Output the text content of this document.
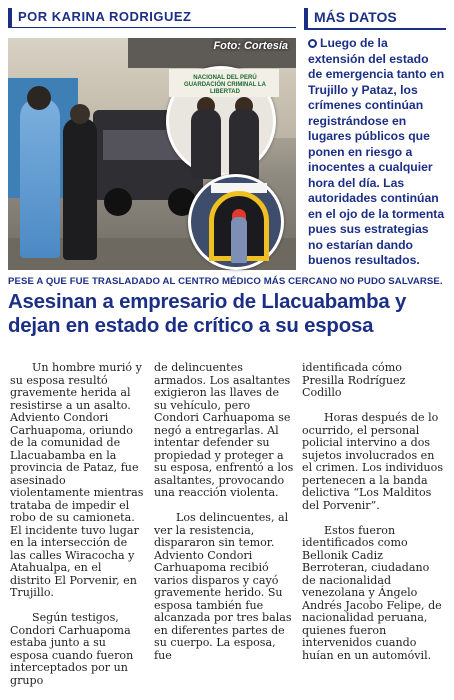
POR KARINA RODRIGUEZ
Foto: Cortesía
NACIONAL DEL PERÚ GUARDACIÓN CRIMINAL LA LIBERTAD
MÁS DATOS
Luego de la extensión del estado de emergencia tanto en Trujillo y Pataz, los crímenes continúan registrándose en lugares públicos que ponen en riesgo a inocentes a cualquier hora del día. Las autoridades continúan en el ojo de la tormenta pues sus estrategias no estarían dando buenos resultados.
PESE A QUE FUE TRASLADADO AL CENTRO MÉDICO MÁS CERCANO NO PUDO SALVARSE.
Asesinan a empresario de Llacuabamba y dejan en estado de crítico a su esposa

Un hombre murió y su esposa resultó gravemente herida al resistirse a un asalto. Adviento Condori Carhuapoma, oriundo de la comunidad de Llacuabamba en la provincia de Pataz, fue asesinado violentamente mientras trataba de impedir el robo de su camioneta. El incidente tuvo lugar en la intersección de las calles Wiracocha y Atahualpa, en el distrito El Porvenir, en Trujillo.

Según testigos, Condori Carhuapoma estaba junto a su esposa cuando fueron interceptados por un grupo

de delincuentes armados. Los asaltantes exigieron las llaves de su vehículo, pero Condori Carhuapoma se negó a entregarlas. Al intentar defender su propiedad y proteger a su esposa, enfrentó a los asaltantes, provocando una reacción violenta.

Los delincuentes, al ver la resistencia, dispararon sin temor. Adviento Condori Carhuapoma recibió varios disparos y cayó gravemente herido. Su esposa también fue alcanzada por tres balas en diferentes partes de su cuerpo. La esposa, fue

identificada cómo Presilla Rodríguez Codillo

Horas después de lo ocurrido, el personal policial intervino a dos sujetos involucrados en el crimen. Los individuos pertenecen a la banda delictiva “Los Malditos del Porvenir”.

Estos fueron identificados como Bellonik Cadiz Berroteran, ciudadano de nacionalidad venezolana y Ángelo Andrés Jacobo Felipe, de nacionalidad peruana, quienes fueron intervenidos cuando huían en un automóvil.
